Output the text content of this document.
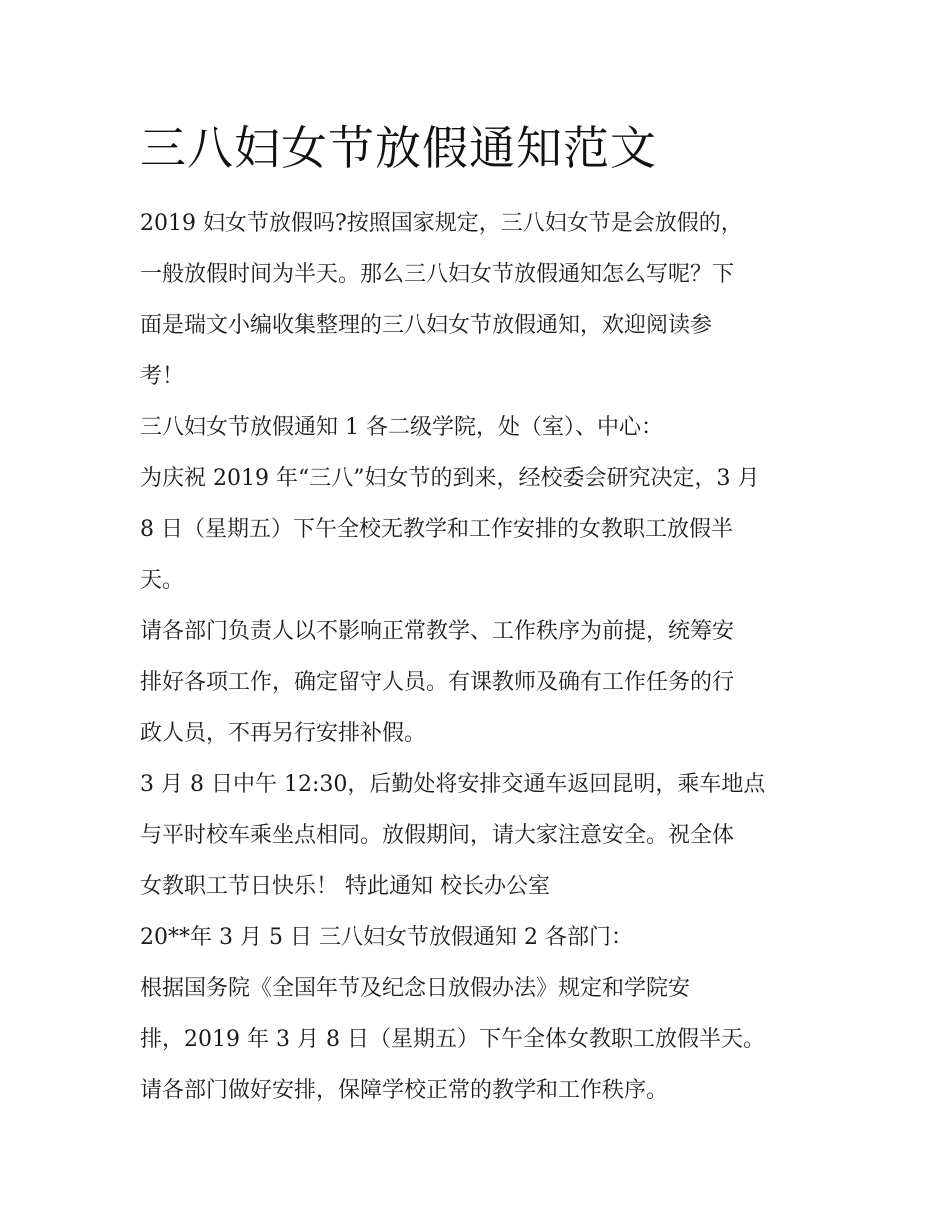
三八妇女节放假通知范文
2019 妇女节放假吗?按照国家规定，三八妇女节是会放假的，
一般放假时间为半天。那么三八妇女节放假通知怎么写呢？下
面是瑞文小编收集整理的三八妇女节放假通知，欢迎阅读参
考！
三八妇女节放假通知 1 各二级学院，处（室）、中心：
为庆祝 2019 年“三八”妇女节的到来，经校委会研究决定，3 月
8 日（星期五）下午全校无教学和工作安排的女教职工放假半
天。
请各部门负责人以不影响正常教学、工作秩序为前提，统筹安
排好各项工作，确定留守人员。有课教师及确有工作任务的行
政人员，不再另行安排补假。
3 月 8 日中午 12:30，后勤处将安排交通车返回昆明，乘车地点
与平时校车乘坐点相同。放假期间，请大家注意安全。祝全体
女教职工节日快乐！ 特此通知 校长办公室
20**年 3 月 5 日 三八妇女节放假通知 2 各部门：
根据国务院《全国年节及纪念日放假办法》规定和学院安
排，2019 年 3 月 8 日（星期五）下午全体女教职工放假半天。
请各部门做好安排，保障学校正常的教学和工作秩序。
